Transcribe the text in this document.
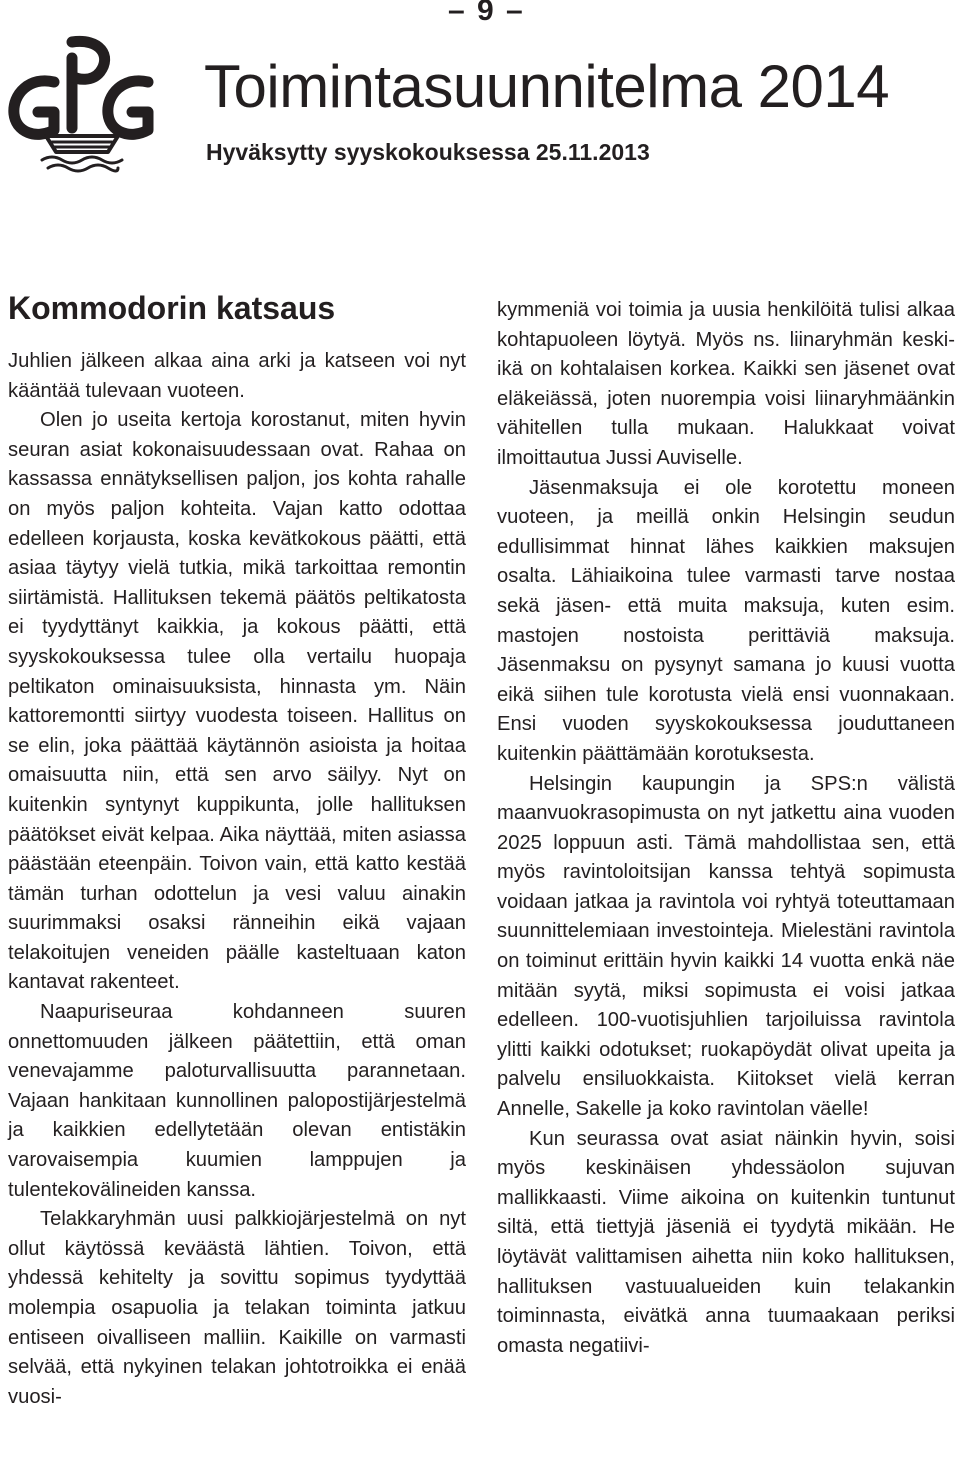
– 9 –
Toimintasuunnitelma 2014
Hyväksytty syyskokouksessa 25.11.2013
Kommodorin katsaus

Juhlien jälkeen alkaa aina arki ja katseen voi nyt kääntää tulevaan vuoteen.

Olen jo useita kertoja korostanut, miten hyvin seuran asiat kokonaisuudessaan ovat. Rahaa on kassassa ennätyksellisen paljon, jos kohta rahalle on myös paljon kohteita. Vajan katto odottaa edelleen korjausta, koska kevätkokous päätti, että asiaa täytyy vielä tutkia, mikä tarkoittaa remontin siirtämistä. Hallituksen tekemä päätös peltikatosta ei tyydyttänyt kaikkia, ja kokous päätti, että syyskokouksessa tulee olla vertailu huopaja peltikaton ominaisuuksista, hinnasta ym. Näin kattoremontti siirtyy vuodesta toiseen. Hallitus on se elin, joka päättää käytännön asioista ja hoitaa omaisuutta niin, että sen arvo säilyy. Nyt on kuitenkin syntynyt kuppikunta, jolle hallituksen päätökset eivät kelpaa. Aika näyttää, miten asiassa päästään eteenpäin. Toivon vain, että katto kestää tämän turhan odottelun ja vesi valuu ainakin suurimmaksi osaksi ränneihin eikä vajaan telakoitujen veneiden päälle kasteltuaan katon kantavat rakenteet.

Naapuriseuraa kohdanneen suuren onnettomuuden jälkeen päätettiin, että oman venevajamme paloturvallisuutta parannetaan. Vajaan hankitaan kunnollinen palopostijärjestelmä ja kaikkien edellytetään olevan entistäkin varovaisempia kuumien lamppujen ja tulentekovälineiden kanssa.

Telakkaryhmän uusi palkkiojärjestelmä on nyt ollut käytössä keväästä lähtien. Toivon, että yhdessä kehitelty ja sovittu sopimus tyydyttää molempia osapuolia ja telakan toiminta jatkuu entiseen oivalliseen malliin. Kaikille on varmasti selvää, että nykyinen telakan johtotroikka ei enää vuosi-

kymmeniä voi toimia ja uusia henkilöitä tulisi alkaa kohtapuoleen löytyä. Myös ns. liinaryhmän keski-ikä on kohtalaisen korkea. Kaikki sen jäsenet ovat eläkeiässä, joten nuorempia voisi liinaryhmäänkin vähitellen tulla mukaan. Halukkaat voivat ilmoittautua Jussi Auviselle.

Jäsenmaksuja ei ole korotettu moneen vuoteen, ja meillä onkin Helsingin seudun edullisimmat hinnat lähes kaikkien maksujen osalta. Lähiaikoina tulee varmasti tarve nostaa sekä jäsen- että muita maksuja, kuten esim. mastojen nostoista perittäviä maksuja. Jäsenmaksu on pysynyt samana jo kuusi vuotta eikä siihen tule korotusta vielä ensi vuonnakaan. Ensi vuoden syyskokouksessa jouduttaneen kuitenkin päättämään korotuksesta.

Helsingin kaupungin ja SPS:n välistä maanvuokrasopimusta on nyt jatkettu aina vuoden 2025 loppuun asti. Tämä mahdollistaa sen, että myös ravintoloitsijan kanssa tehtyä sopimusta voidaan jatkaa ja ravintola voi ryhtyä toteuttamaan suunnittelemiaan investointeja. Mielestäni ravintola on toiminut erittäin hyvin kaikki 14 vuotta enkä näe mitään syytä, miksi sopimusta ei voisi jatkaa edelleen. 100-vuotisjuhlien tarjoiluissa ravintola ylitti kaikki odotukset; ruokapöydät olivat upeita ja palvelu ensiluokkaista. Kiitokset vielä kerran Annelle, Sakelle ja koko ravintolan väelle!

Kun seurassa ovat asiat näinkin hyvin, soisi myös keskinäisen yhdessäolon sujuvan mallikkaasti. Viime aikoina on kuitenkin tuntunut siltä, että tiettyjä jäseniä ei tyydytä mikään. He löytävät valittamisen aihetta niin koko hallituksen, hallituksen vastuualueiden kuin telakankin toiminnasta, eivätkä anna tuumaakaan periksi omasta negatiivi-
